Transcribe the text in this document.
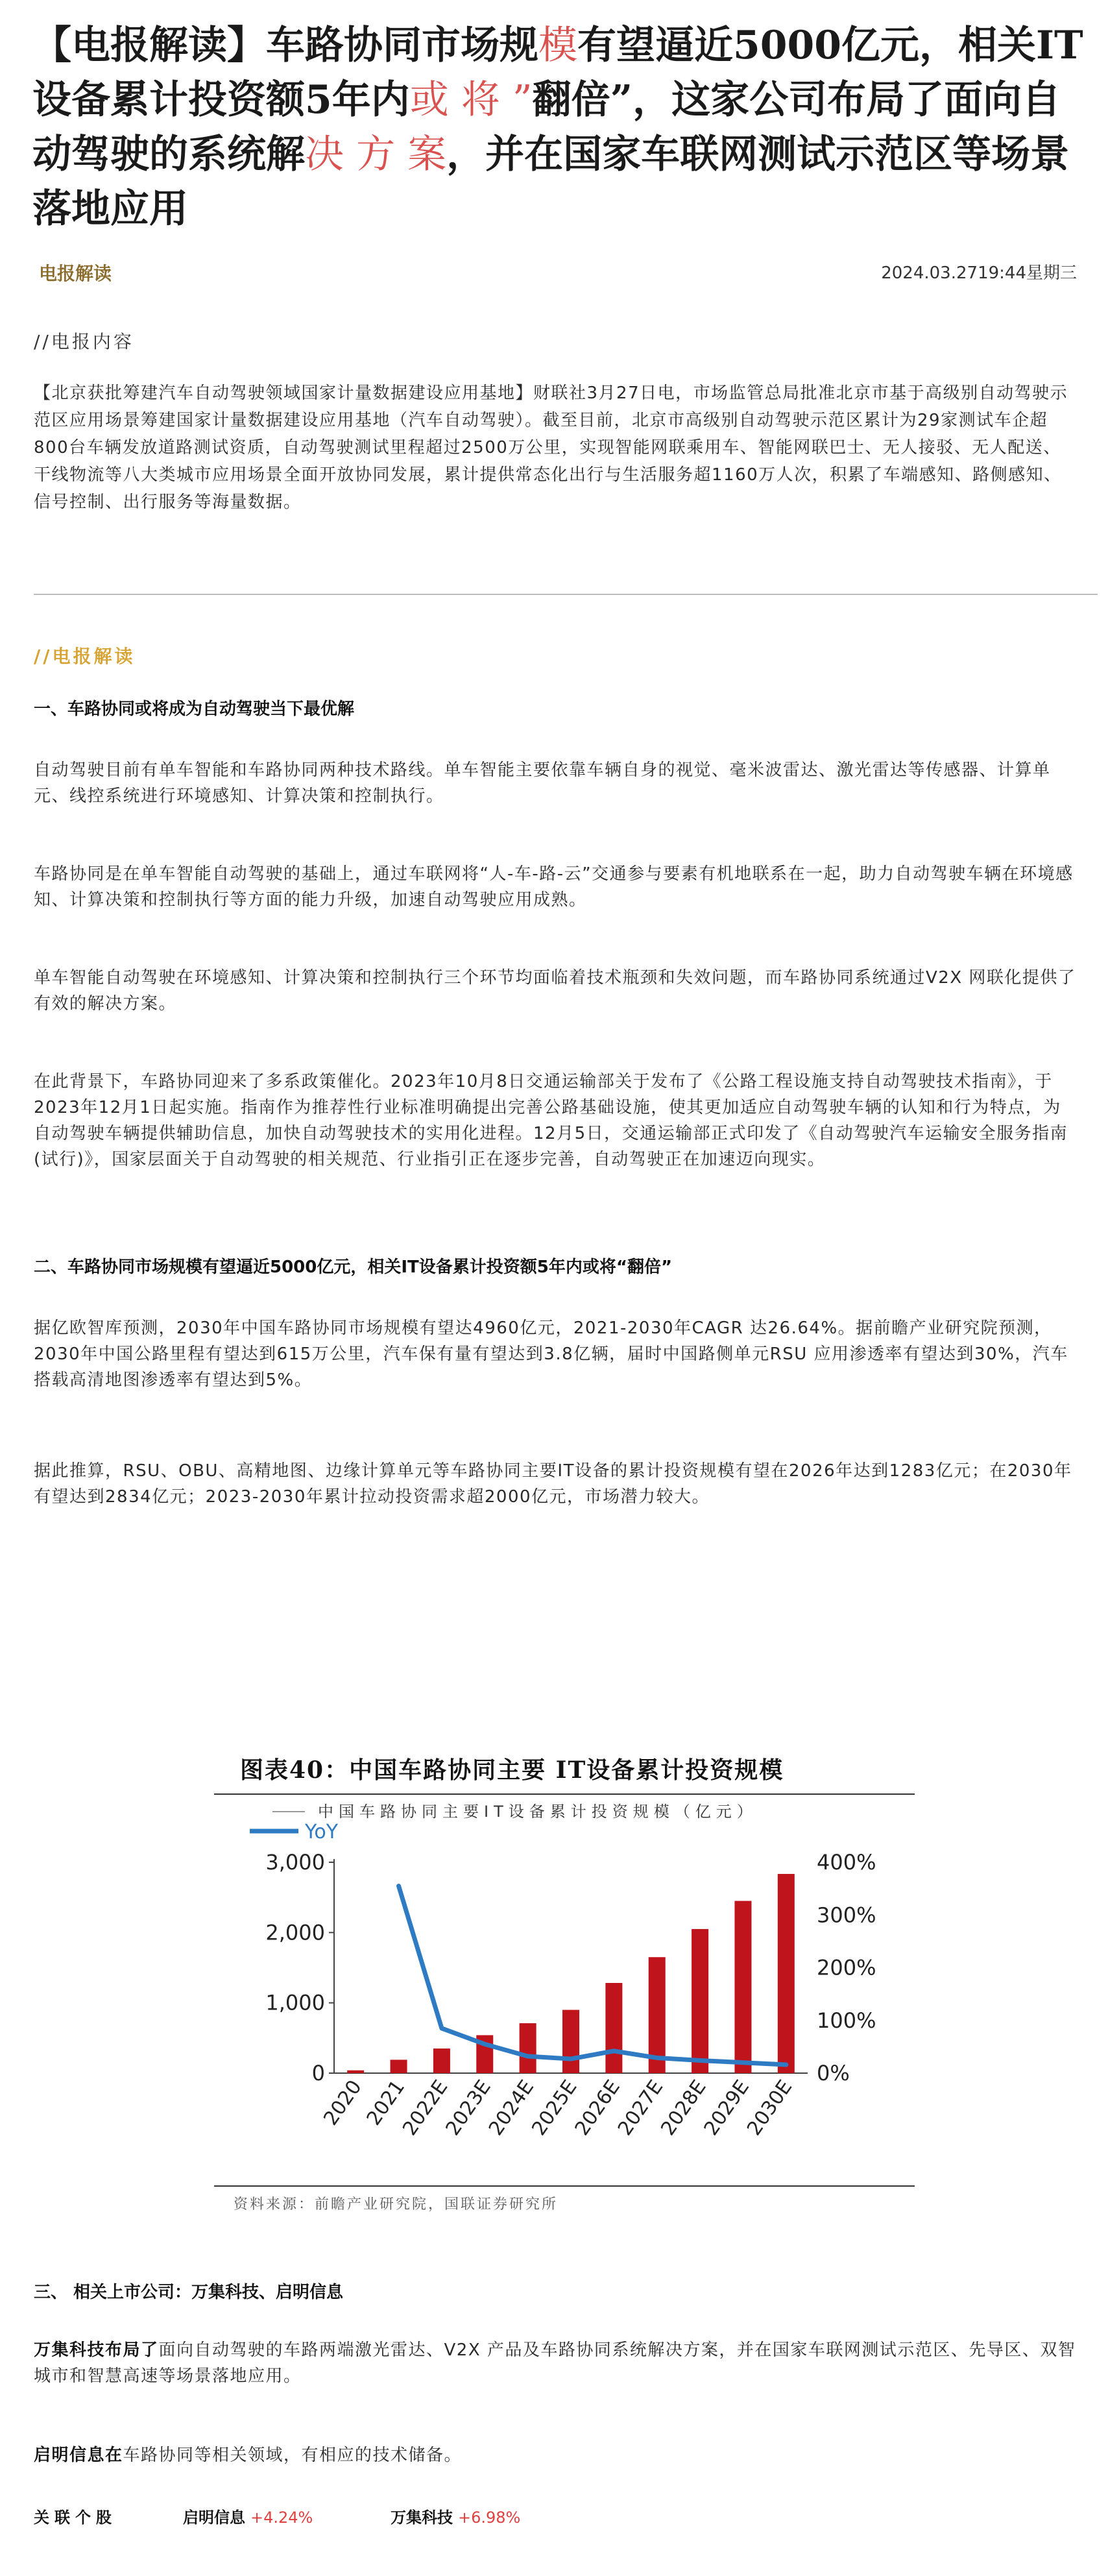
【电报解读】车路协同市场规模有望逼近5000亿元，相关IT设备累计投资额5年内或 将 ”翻倍”，这家公司布局了面向自动驾驶的系统解决 方 案，并在国家车联网测试示范区等场景落地应用
电报解读	2024.03.2719:44星期三
//电报内容

【北京获批筹建汽车自动驾驶领域国家计量数据建设应用基地】财联社3月27日电，市场监管总局批准北京市基于高级别自动驾驶示范区应用场景筹建国家计量数据建设应用基地（汽车自动驾驶）。截至目前，北京市高级别自动驾驶示范区累计为29家测试车企超800台车辆发放道路测试资质，自动驾驶测试里程超过2500万公里，实现智能网联乘用车、智能网联巴士、无人接驳、无人配送、干线物流等八大类城市应用场景全面开放协同发展，累计提供常态化出行与生活服务超1160万人次，积累了车端感知、路侧感知、信号控制、出行服务等海量数据。

//电报解读
一、车路协同或将成为自动驾驶当下最优解

自动驾驶目前有单车智能和车路协同两种技术路线。单车智能主要依靠车辆自身的视觉、毫米波雷达、激光雷达等传感器、计算单元、线控系统进行环境感知、计算决策和控制执行。

车路协同是在单车智能自动驾驶的基础上，通过车联网将“人-车-路-云”交通参与要素有机地联系在一起，助力自动驾驶车辆在环境感知、计算决策和控制执行等方面的能力升级，加速自动驾驶应用成熟。

单车智能自动驾驶在环境感知、计算决策和控制执行三个环节均面临着技术瓶颈和失效问题，而车路协同系统通过V2X 网联化提供了有效的解决方案。

在此背景下，车路协同迎来了多系政策催化。2023年10月8日交通运输部关于发布了《公路工程设施支持自动驾驶技术指南》，于2023年12月1日起实施。指南作为推荐性行业标准明确提出完善公路基础设施，使其更加适应自动驾驶车辆的认知和行为特点，为自动驾驶车辆提供辅助信息，加快自动驾驶技术的实用化进程。12月5日，交通运输部正式印发了《自动驾驶汽车运输安全服务指南(试行)》，国家层面关于自动驾驶的相关规范、行业指引正在逐步完善，自动驾驶正在加速迈向现实。

二、车路协同市场规模有望逼近5000亿元，相关IT设备累计投资额5年内或将“翻倍”

据亿欧智库预测，2030年中国车路协同市场规模有望达4960亿元，2021-2030年CAGR 达26.64%。据前瞻产业研究院预测，2030年中国公路里程有望达到615万公里，汽车保有量有望达到3.8亿辆，届时中国路侧单元RSU 应用渗透率有望达到30%，汽车搭载高清地图渗透率有望达到5%。

据此推算，RSU、OBU、高精地图、边缘计算单元等车路协同主要IT设备的累计投资规模有望在2026年达到1283亿元；在2030年有望达到2834亿元；2023-2030年累计拉动投资需求超2000亿元，市场潜力较大。

图表40：中国车路协同主要 IT设备累计投资规模
中国车路协同主要IT设备累计投资规模（亿元）
YoY
0
1,000
2,000
3,000
0%
100%
200%
300%
400%
2020
2021
2022E
2023E
2024E
2025E
2026E
2027E
2028E
2029E
2030E
资料来源：前瞻产业研究院，国联证券研究所
三、 相关上市公司：万集科技、启明信息

万集科技布局了面向自动驾驶的车路两端激光雷达、V2X 产品及车路协同系统解决方案，并在国家车联网测试示范区、先导区、双智城市和智慧高速等场景落地应用。

启明信息在车路协同等相关领域，有相应的技术储备。

关联个股	启明信息 +4.24%	万集科技 +6.98%
